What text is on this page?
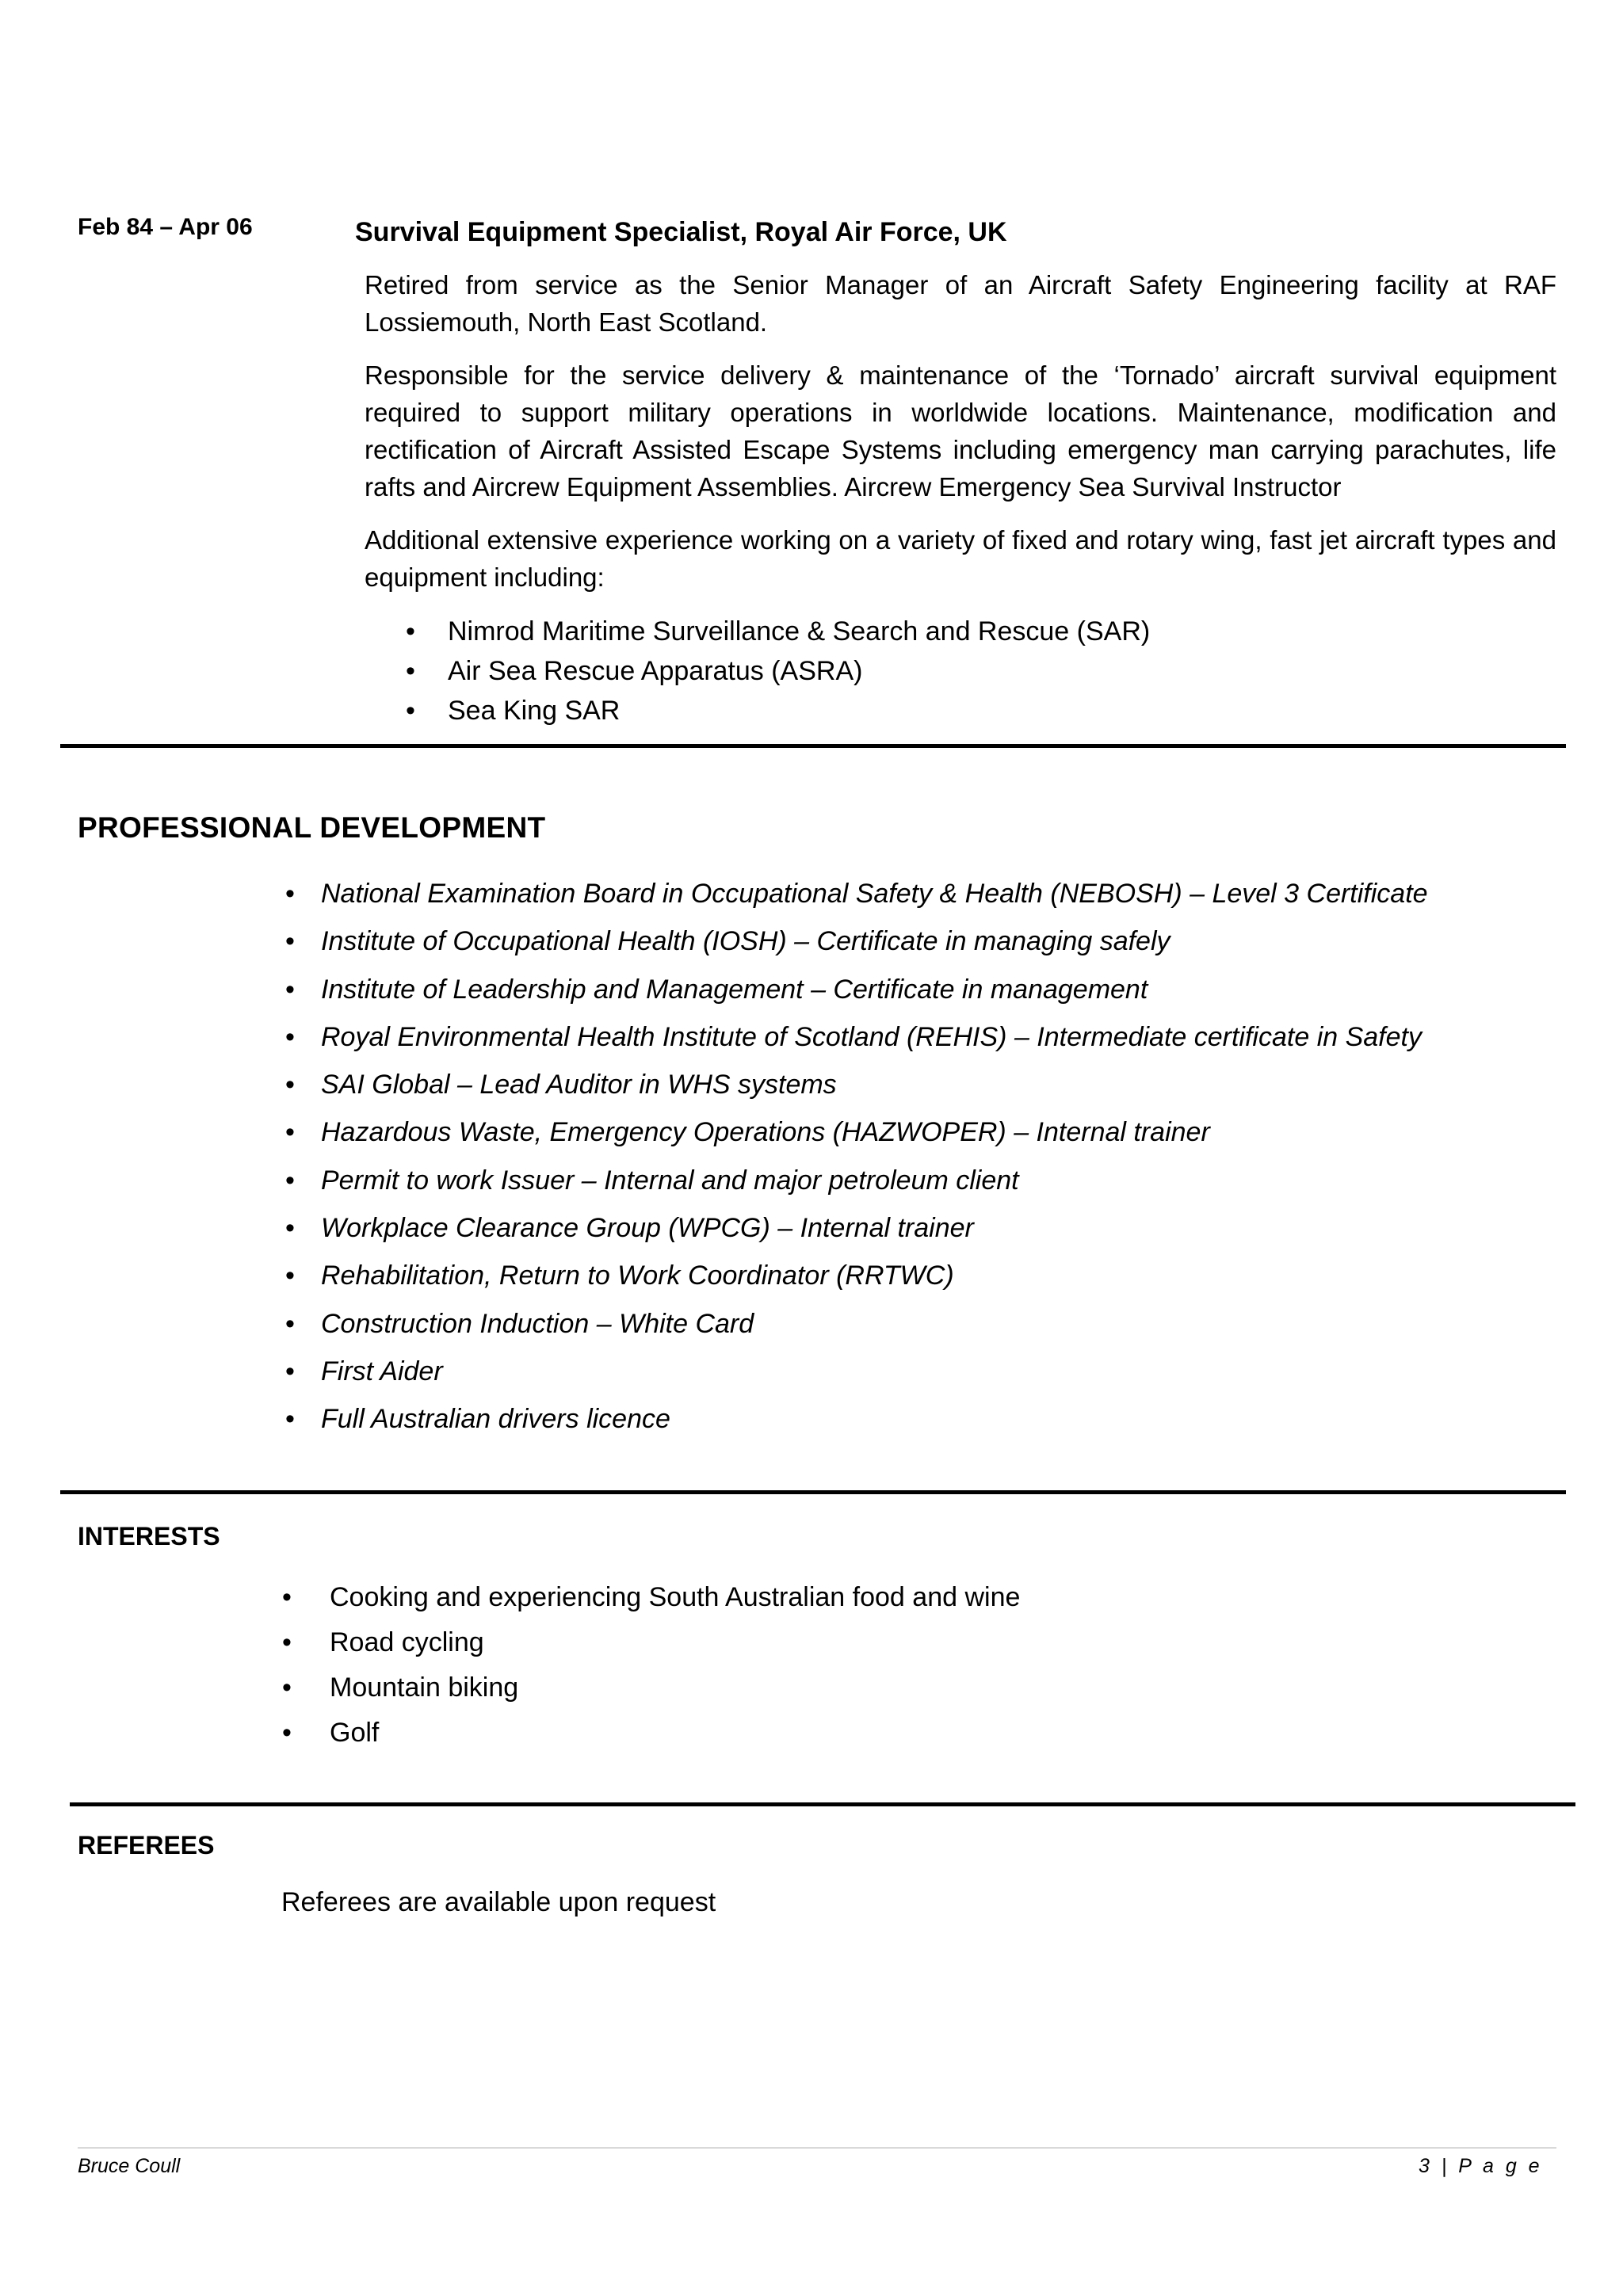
Feb 84 – Apr 06	Survival Equipment Specialist, Royal Air Force, UK

Retired from service as the Senior Manager of an Aircraft Safety Engineering facility at RAF Lossiemouth, North East Scotland.

Responsible for the service delivery & maintenance of the ‘Tornado’ aircraft survival equipment required to support military operations in worldwide locations. Maintenance, modification and rectification of Aircraft Assisted Escape Systems including emergency man carrying parachutes, life rafts and Aircrew Equipment Assemblies. Aircrew Emergency Sea Survival Instructor

Additional extensive experience working on a variety of fixed and rotary wing, fast jet aircraft types and equipment including:

• Nimrod Maritime Surveillance & Search and Rescue (SAR)
• Air Sea Rescue Apparatus (ASRA)
• Sea King SAR
PROFESSIONAL DEVELOPMENT
• National Examination Board in Occupational Safety & Health (NEBOSH) – Level 3 Certificate
• Institute of Occupational Health (IOSH) – Certificate in managing safely
• Institute of Leadership and Management – Certificate in management
• Royal Environmental Health Institute of Scotland (REHIS) – Intermediate certificate in Safety
• SAI Global – Lead Auditor in WHS systems
• Hazardous Waste, Emergency Operations (HAZWOPER) – Internal trainer
• Permit to work Issuer – Internal and major petroleum client
• Workplace Clearance Group (WPCG) – Internal trainer
• Rehabilitation, Return to Work Coordinator (RRTWC)
• Construction Induction – White Card
• First Aider
• Full Australian drivers licence
INTERESTS
• Cooking and experiencing South Australian food and wine
• Road cycling
• Mountain biking
• Golf
REFEREES
Referees are available upon request
Bruce Coull	3 | P a g e
